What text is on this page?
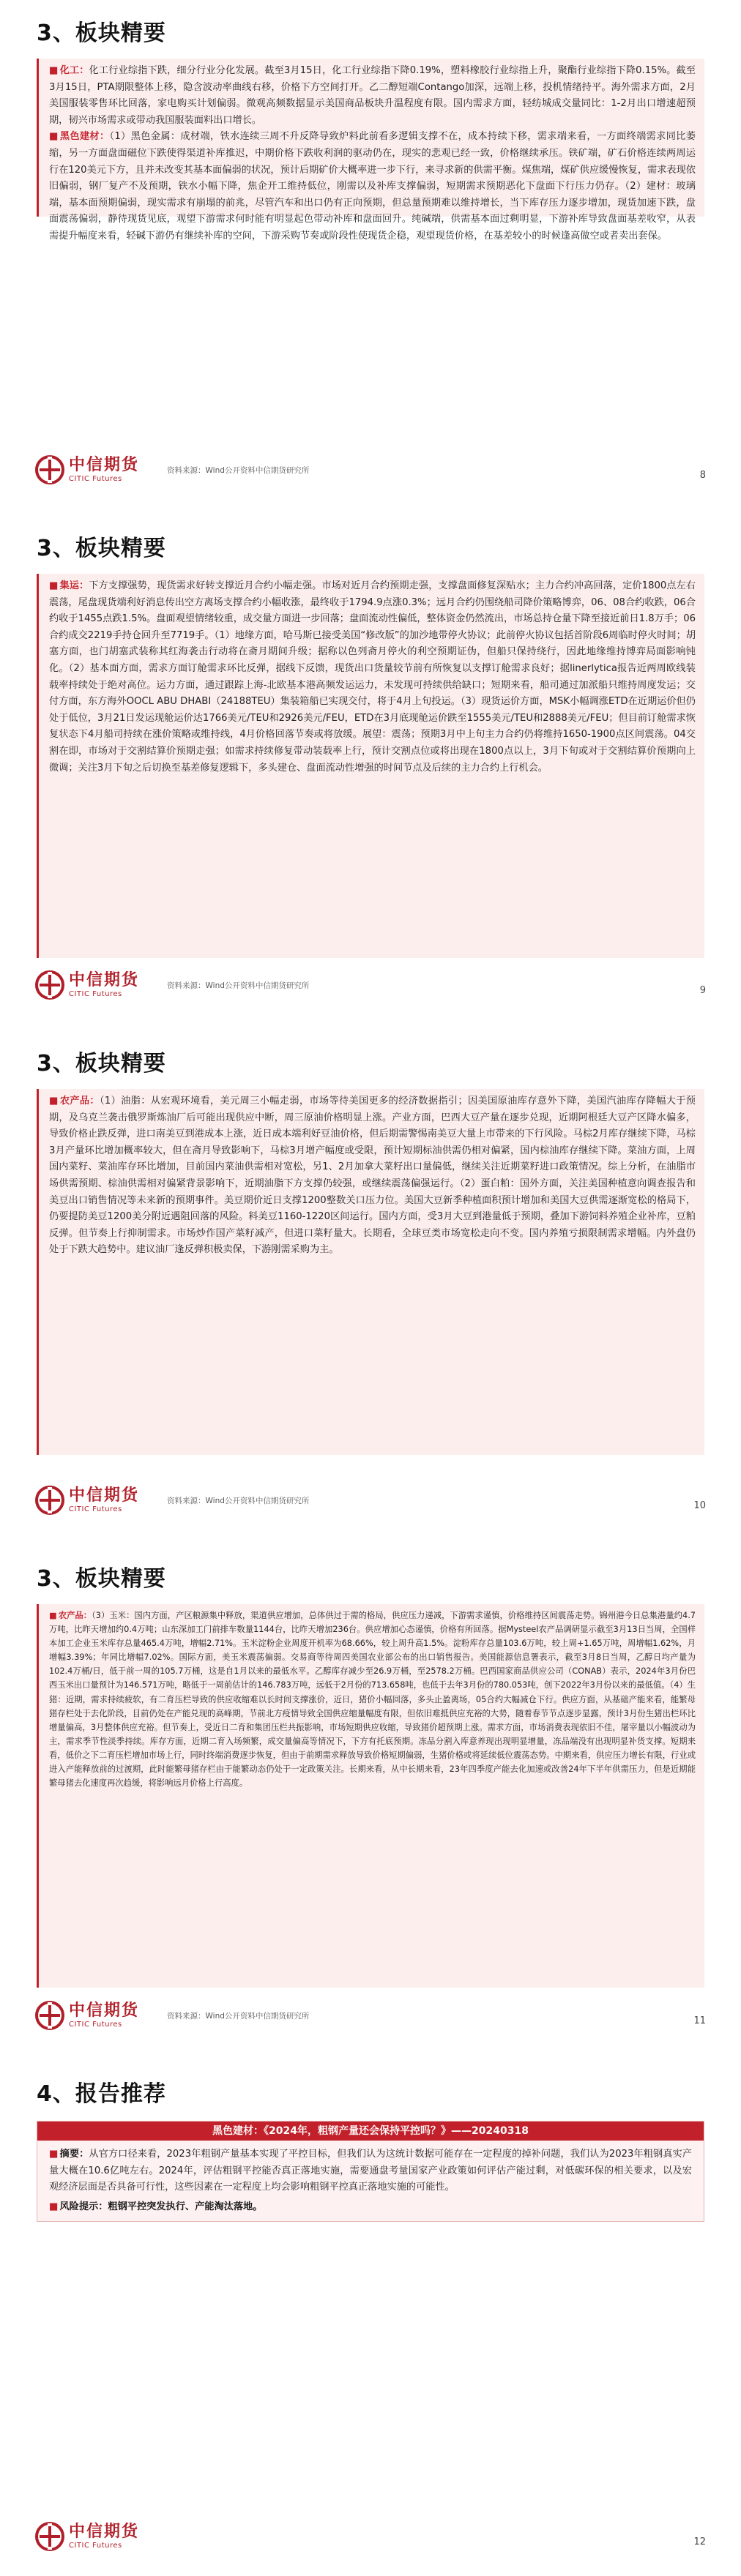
3、板块精要

■ 化工：化工行业综指下跌，细分行业分化发展。截至3月15日，化工行业综指下降0.19%，塑料橡胶行业综指上升，聚酯行业综指下降0.15%。截至3月15日，PTA期限整体上移，隐含波动率曲线右移，价格下方空间打开。乙二醇短端Contango加深，远端上移，投机情绪持平。海外需求方面，2月美国服装零售环比回落，家电购买计划偏弱。微观高频数据显示美国商品板块升温程度有限。国内需求方面，轻纺城成交量同比：1-2月出口增速超预期，韧兴市场需求或带动我国服装面料出口增长。

■ 黑色建材：（1）黑色金属：成材端，铁水连续三周不升反降导致炉料此前看多逻辑支撑不在，成本持续下移，需求端来看，一方面终端需求同比萎缩，另一方面盘面磁位下跌使得渠道补库推迟，中期价格下跌收利润的驱动仍在，现实的悲观已经一致，价格继续承压。铁矿端，矿石价格连续两周运行在120美元下方，且并未改变其基本面偏弱的状况，预计后期矿价大概率进一步下行，来寻求新的供需平衡。煤焦端，煤矿供应缓慢恢复，需求表现依旧偏弱，钢厂复产不及预期，铁水小幅下降，焦企开工维持低位，刚需以及补库支撑偏弱，短期需求预期恶化下盘面下行压力仍存。（2）建材：玻璃端，基本面预期偏弱，现实需求有崩塌的前兆，尽管汽车和出口仍有正向预期，但总量预期难以维持增长，当下库存压力逐步增加，现货加速下跌，盘面震荡偏弱，静待现货见底，观望下游需求何时能有明显起色带动补库和盘面回升。纯碱端，供需基本面过剩明显，下游补库导致盘面基差收窄，从表需提升幅度来看，轻碱下游仍有继续补库的空间，下游采购节奏或阶段性使现货企稳，观望现货价格，在基差较小的时候逢高做空或者卖出套保。

中信期货
CITIC Futures
资料来源：Wind公开资料中信期货研究所	8
3、板块精要

■ 集运：下方支撑强势，现货需求好转支撑近月合约小幅走强。市场对近月合约预期走强，支撑盘面修复深贴水；主力合约冲高回落，定价1800点左右震荡，尾盘现货端利好消息传出空方离场支撑合约小幅收涨，最终收于1794.9点涨0.3%；远月合约仍围绕船司降价策略博弈，06、08合约收跌，06合约收于1455点跌1.5%。盘面观望情绪较重，成交量方面进一步回落；盘面流动性偏低，整体资金仍然流出，市场总持仓量下降至接近前日1.8万手；06合约成交2219手持仓回升至7719手。（1）地缘方面，哈马斯已接受美国“修改版”的加沙地带停火协议；此前停火协议包括首阶段6周临时停火时间；胡塞方面，也门胡塞武装称其红海袭击行动将在斋月期间升级；据称以色列斋月停火的利空预期证伪，但船只保持绕行，因此地缘维持博弈局面影响钝化。（2）基本面方面，需求方面订舱需求环比反弹，据线下反馈，现货出口货量较节前有所恢复以支撑订舱需求良好；据linerlytica报告近两周欧线装载率持续处于绝对高位。运力方面，通过跟踪上海-北欧基本港高频发运运力，未发现可持续供给缺口；短期来看，船司通过加派船只维持周度发运；交付方面，东方海外OOCL ABU DHABI（24188TEU）集装箱船已实现交付，将于4月上旬投运。（3）现货运价方面，MSK小幅调涨ETD在近期运价但仍处于低位，3月21日发运现舱运价达1766美元/TEU和2926美元/FEU，ETD在3月底现舱运价跌至1555美元/TEU和2888美元/FEU；但目前订舱需求恢复状态下4月船司持续在涨价策略或维持线，4月价格回落节奏或将放缓。展望：震荡；预期3月中上旬主力合约仍将维持1650-1900点区间震荡。04交割在即，市场对于交割结算价预期走强；如需求持续修复带动装载率上行，预计交割点位或将出现在1800点以上，3月下旬或对于交割结算价预期向上微调；关注3月下旬之后切换至基差修复逻辑下，多头建仓、盘面流动性增强的时间节点及后续的主力合约上行机会。

中信期货
CITIC Futures
资料来源：Wind公开资料中信期货研究所	9
3、板块精要

■ 农产品：（1）油脂：从宏观环境看，美元周三小幅走弱，市场等待美国更多的经济数据指引；因美国原油库存意外下降，美国汽油库存降幅大于预期，及乌克兰袭击俄罗斯炼油厂后可能出现供应中断，周三原油价格明显上涨。产业方面，巴西大豆产量在逐步兑现，近期阿根廷大豆产区降水偏多，导致价格止跌反弹，进口南美豆到港成本上涨，近日成本端利好豆油价格，但后期需警惕南美豆大量上市带来的下行风险。马棕2月库存继续下降，马棕3月产量环比增加概率较大，但在斋月导致影响下，马棕3月增产幅度或受限，预计短期标油供需仍相对偏紧，国内棕油库存继续下降。菜油方面，上周国内菜籽、菜油库存环比增加，目前国内菜油供需相对宽松，另1、2月加拿大菜籽出口量偏低，继续关注近期菜籽进口政策情况。综上分析，在油脂市场供需预期、棕油供需相对偏紧背景影响下，近期油脂下方支撑仍较强，或继续震荡偏强运行。（2）蛋白粕：国外方面，关注美国种植意向调查报告和美豆出口销售情况等未来新的预期事件。美豆期价近日支撑1200整数关口压力位。美国大豆新季种植面积预计增加和美国大豆供需逐渐宽松的格局下，仍要提防美豆1200美分附近遇阻回落的风险。料美豆1160-1220区间运行。国内方面，受3月大豆到港量低于预期，叠加下游饲料养殖企业补库，豆粕反弹。但节奏上行抑制需求。市场炒作国产菜籽减产，但进口菜籽量大。长期看，全球豆类市场宽松走向不变。国内养殖亏损限制需求增幅。内外盘仍处于下跌大趋势中。建议油厂逢反弹积极卖保，下游刚需采购为主。

中信期货
CITIC Futures
资料来源：Wind公开资料中信期货研究所	10
3、板块精要

■ 农产品：（3）玉米：国内方面，产区粮源集中释放，渠道供应增加，总体供过于需的格局，供应压力递减，下游需求谨慎，价格维持区间震荡走势。锦州港今日总集港量约4.7万吨，比昨天增加约0.4万吨；山东深加工门前排车数量1144台，比昨天增加236台。供应增加心态谨慎，价格有所回落。据Mysteel农产品调研显示截至3月13日当周，全国样本加工企业玉米库存总量465.4万吨，增幅2.71%。玉米淀粉企业周度开机率为68.66%，较上周升高1.5%。淀粉库存总量103.6万吨，较上周+1.65万吨，周增幅1.62%，月增幅3.39%；年同比增幅7.02%。国际方面，美玉米震荡偏弱。交易商等待周四美国农业部公布的出口销售报告。美国能源信息署表示，截至3月8日当周，乙醇日均产量为102.4万桶/日，低于前一周的105.7万桶，这是自1月以来的最低水平。乙醇库存减少至26.9万桶，至2578.2万桶。巴西国家商品供应公司（CONAB）表示，2024年3月份巴西玉米出口量预计为146.571万吨，略低于一周前估计的146.783万吨，远低于2月份的713.658吨，也低于去年3月份的780.053吨，创下2022年3月份以来的最低值。（4）生猪：近期，需求持续疲软，有二育压栏导致的供应收缩难以长时间支撑涨价，近日，猪价小幅回落，多头止盈离场，05合约大幅减仓下行。供应方面，从基础产能来看，能繁母猪存栏处于去化阶段，目前仍处在产能兑现的高峰期，节前北方疫情导致全国供应缩量幅度有限，但依旧难抵供应充裕的大势，随着春节节点逐步显露，预计3月份生猪出栏环比增量偏高，3月整体供应充裕。但节奏上，受近日二育和集团压栏共振影响，市场短期供应收缩，导致猪价超预期上涨。需求方面，市场消费表现依旧不佳，屠宰量以小幅波动为主，需求季节性淡季持续。库存方面，近期二育入场频繁，成交量偏高等情况下，下方有托底预期。冻品分割入库意养现出现明显增量，冻品端没有出现明显补货支撑。短期来看，低价之下二育压栏增加市场上行，同时终端消费逐步恢复，但由于前期需求释放导致价格短期偏弱，生猪价格或将延续低位震荡态势。中期来看，供应压力增长有限，行业或进入产能释放前的过渡期，此时能繁母猪存栏由于能繁动态仍处于一定政策关注。长期来看，从中长期来看，23年四季度产能去化加速或改善24年下半年供需压力，但是近期能繁母猪去化速度再次趋缓，将影响远月价格上行高度。

中信期货
CITIC Futures
资料来源：Wind公开资料中信期货研究所	11
4、报告推荐
黑色建材：《2024年，粗钢产量还会保持平控吗？》——20240318

■ 摘要：从官方口径来看，2023年粗钢产量基本实现了平控目标，但我们认为这统计数据可能存在一定程度的掉补问题，我们认为2023年粗钢真实产量大概在10.6亿吨左右。2024年，评估粗钢平控能否真正落地实施，需要通盘考量国家产业政策如何评估产能过剩，对低碳环保的相关要求，以及宏观经济层面是否具备可行性，这些因素在一定程度上均会影响粗钢平控真正落地实施的可能性。

■ 风险提示：粗钢平控突发执行、产能淘汰落地。

中信期货
CITIC Futures	12
